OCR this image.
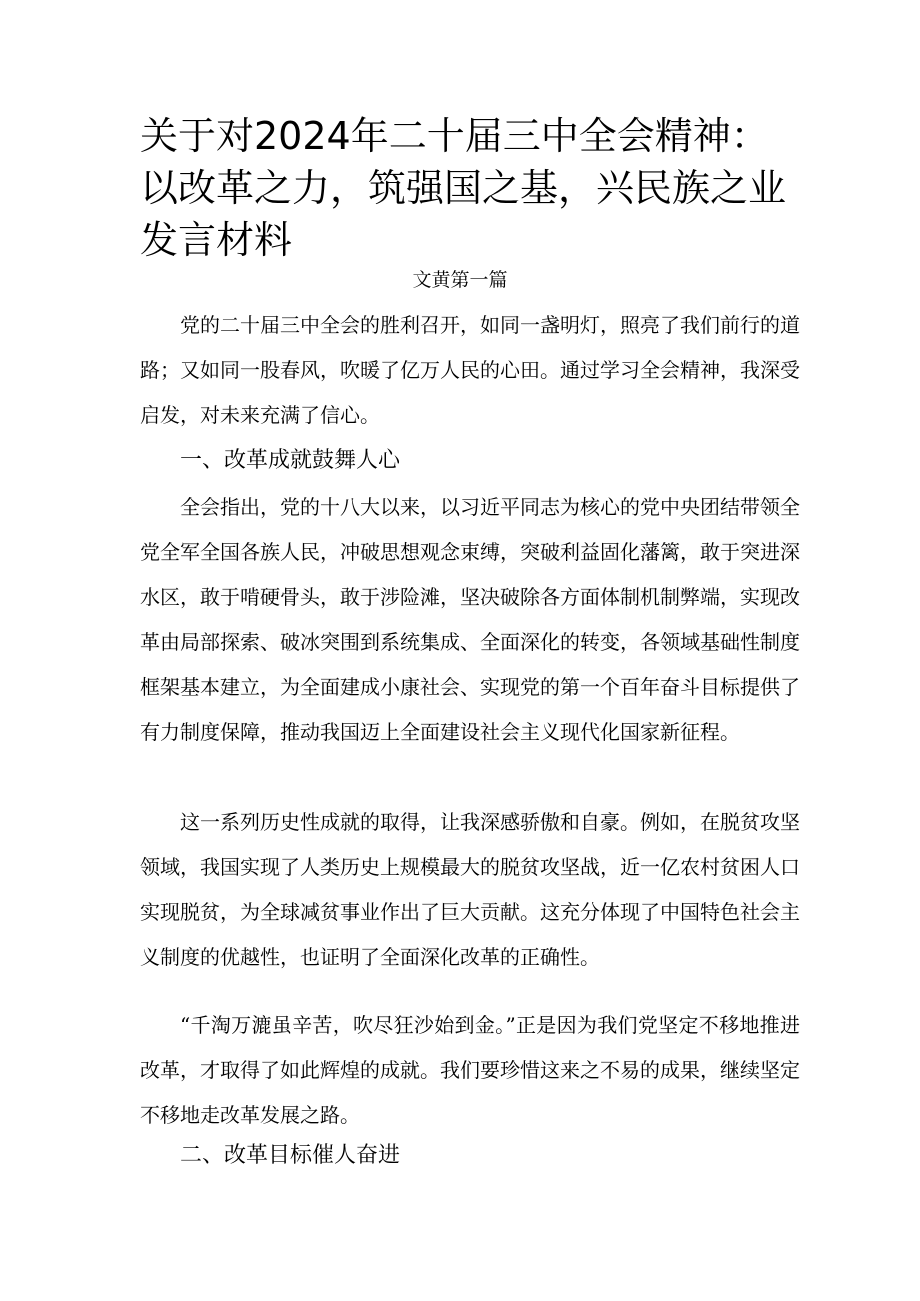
关于对2024年二十届三中全会精神：以改革之力，筑强国之基，兴民族之业发言材料
文黄第一篇

党的二十届三中全会的胜利召开，如同一盏明灯，照亮了我们前行的道路；又如同一股春风，吹暖了亿万人民的心田。通过学习全会精神，我深受启发，对未来充满了信心。

一、改革成就鼓舞人心

全会指出，党的十八大以来，以习近平同志为核心的党中央团结带领全党全军全国各族人民，冲破思想观念束缚，突破利益固化藩篱，敢于突进深水区，敢于啃硬骨头，敢于涉险滩，坚决破除各方面体制机制弊端，实现改革由局部探索、破冰突围到系统集成、全面深化的转变，各领域基础性制度框架基本建立，为全面建成小康社会、实现党的第一个百年奋斗目标提供了有力制度保障，推动我国迈上全面建设社会主义现代化国家新征程。

这一系列历史性成就的取得，让我深感骄傲和自豪。例如，在脱贫攻坚领域，我国实现了人类历史上规模最大的脱贫攻坚战，近一亿农村贫困人口实现脱贫，为全球减贫事业作出了巨大贡献。这充分体现了中国特色社会主义制度的优越性，也证明了全面深化改革的正确性。

“千淘万漉虽辛苦，吹尽狂沙始到金。”正是因为我们党坚定不移地推进改革，才取得了如此辉煌的成就。我们要珍惜这来之不易的成果，继续坚定不移地走改革发展之路。

二、改革目标催人奋进
